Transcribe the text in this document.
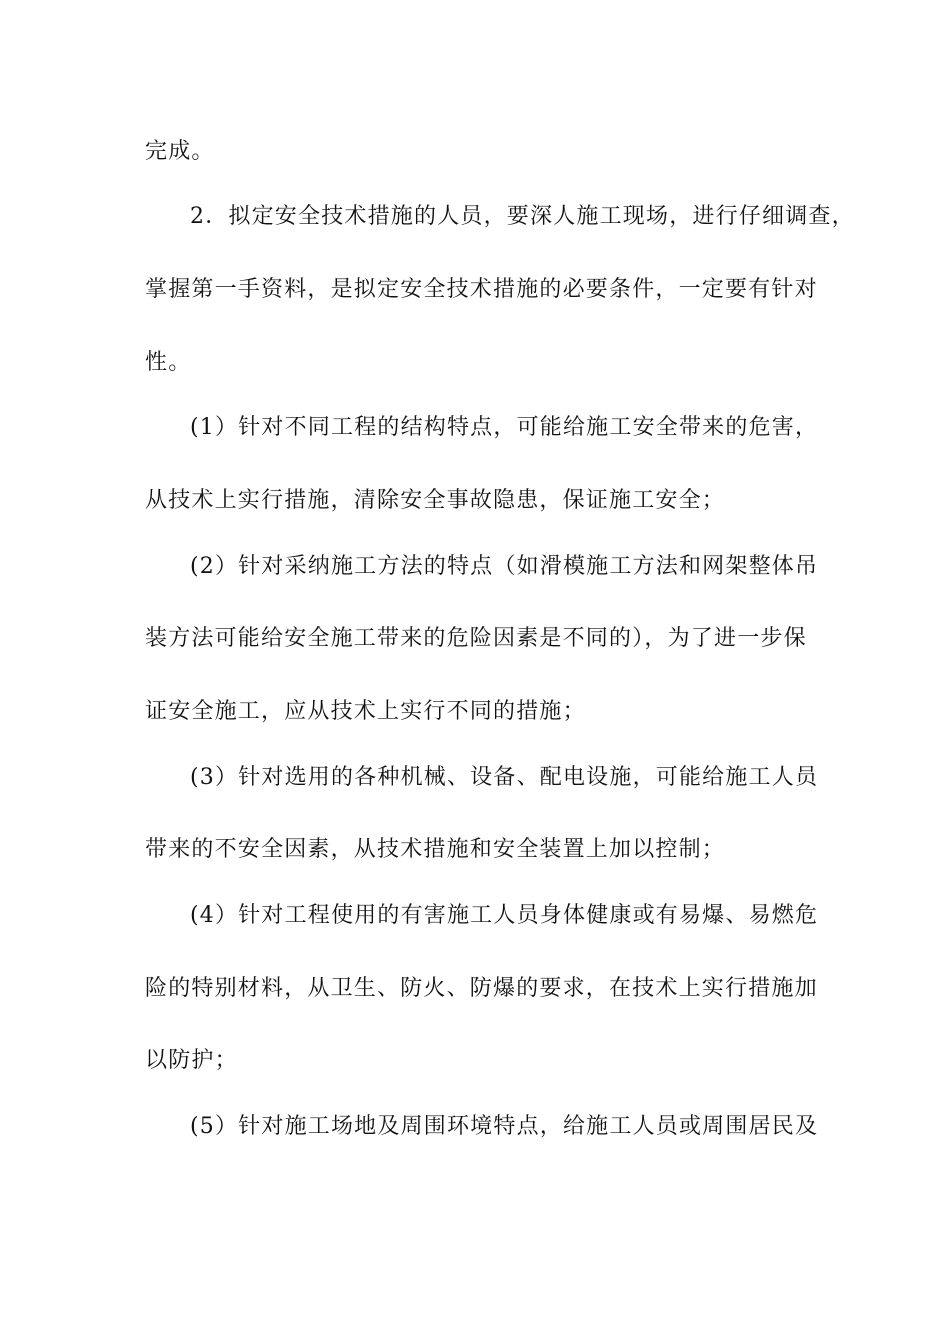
完成。
2．拟定安全技术措施的人员，要深人施工现场，进行仔细调查，
掌握第一手资料，是拟定安全技术措施的必要条件，一定要有针对
性。
(1）针对不同工程的结构特点，可能给施工安全带来的危害，
从技术上实行措施，清除安全事故隐患，保证施工安全；
(2）针对采纳施工方法的特点（如滑模施工方法和网架整体吊
装方法可能给安全施工带来的危险因素是不同的），为了进一步保
证安全施工，应从技术上实行不同的措施；
(3）针对选用的各种机械、设备、配电设施，可能给施工人员
带来的不安全因素，从技术措施和安全装置上加以控制；
(4）针对工程使用的有害施工人员身体健康或有易爆、易燃危
险的特别材料，从卫生、防火、防爆的要求，在技术上实行措施加
以防护；
(5）针对施工场地及周围环境特点，给施工人员或周围居民及
